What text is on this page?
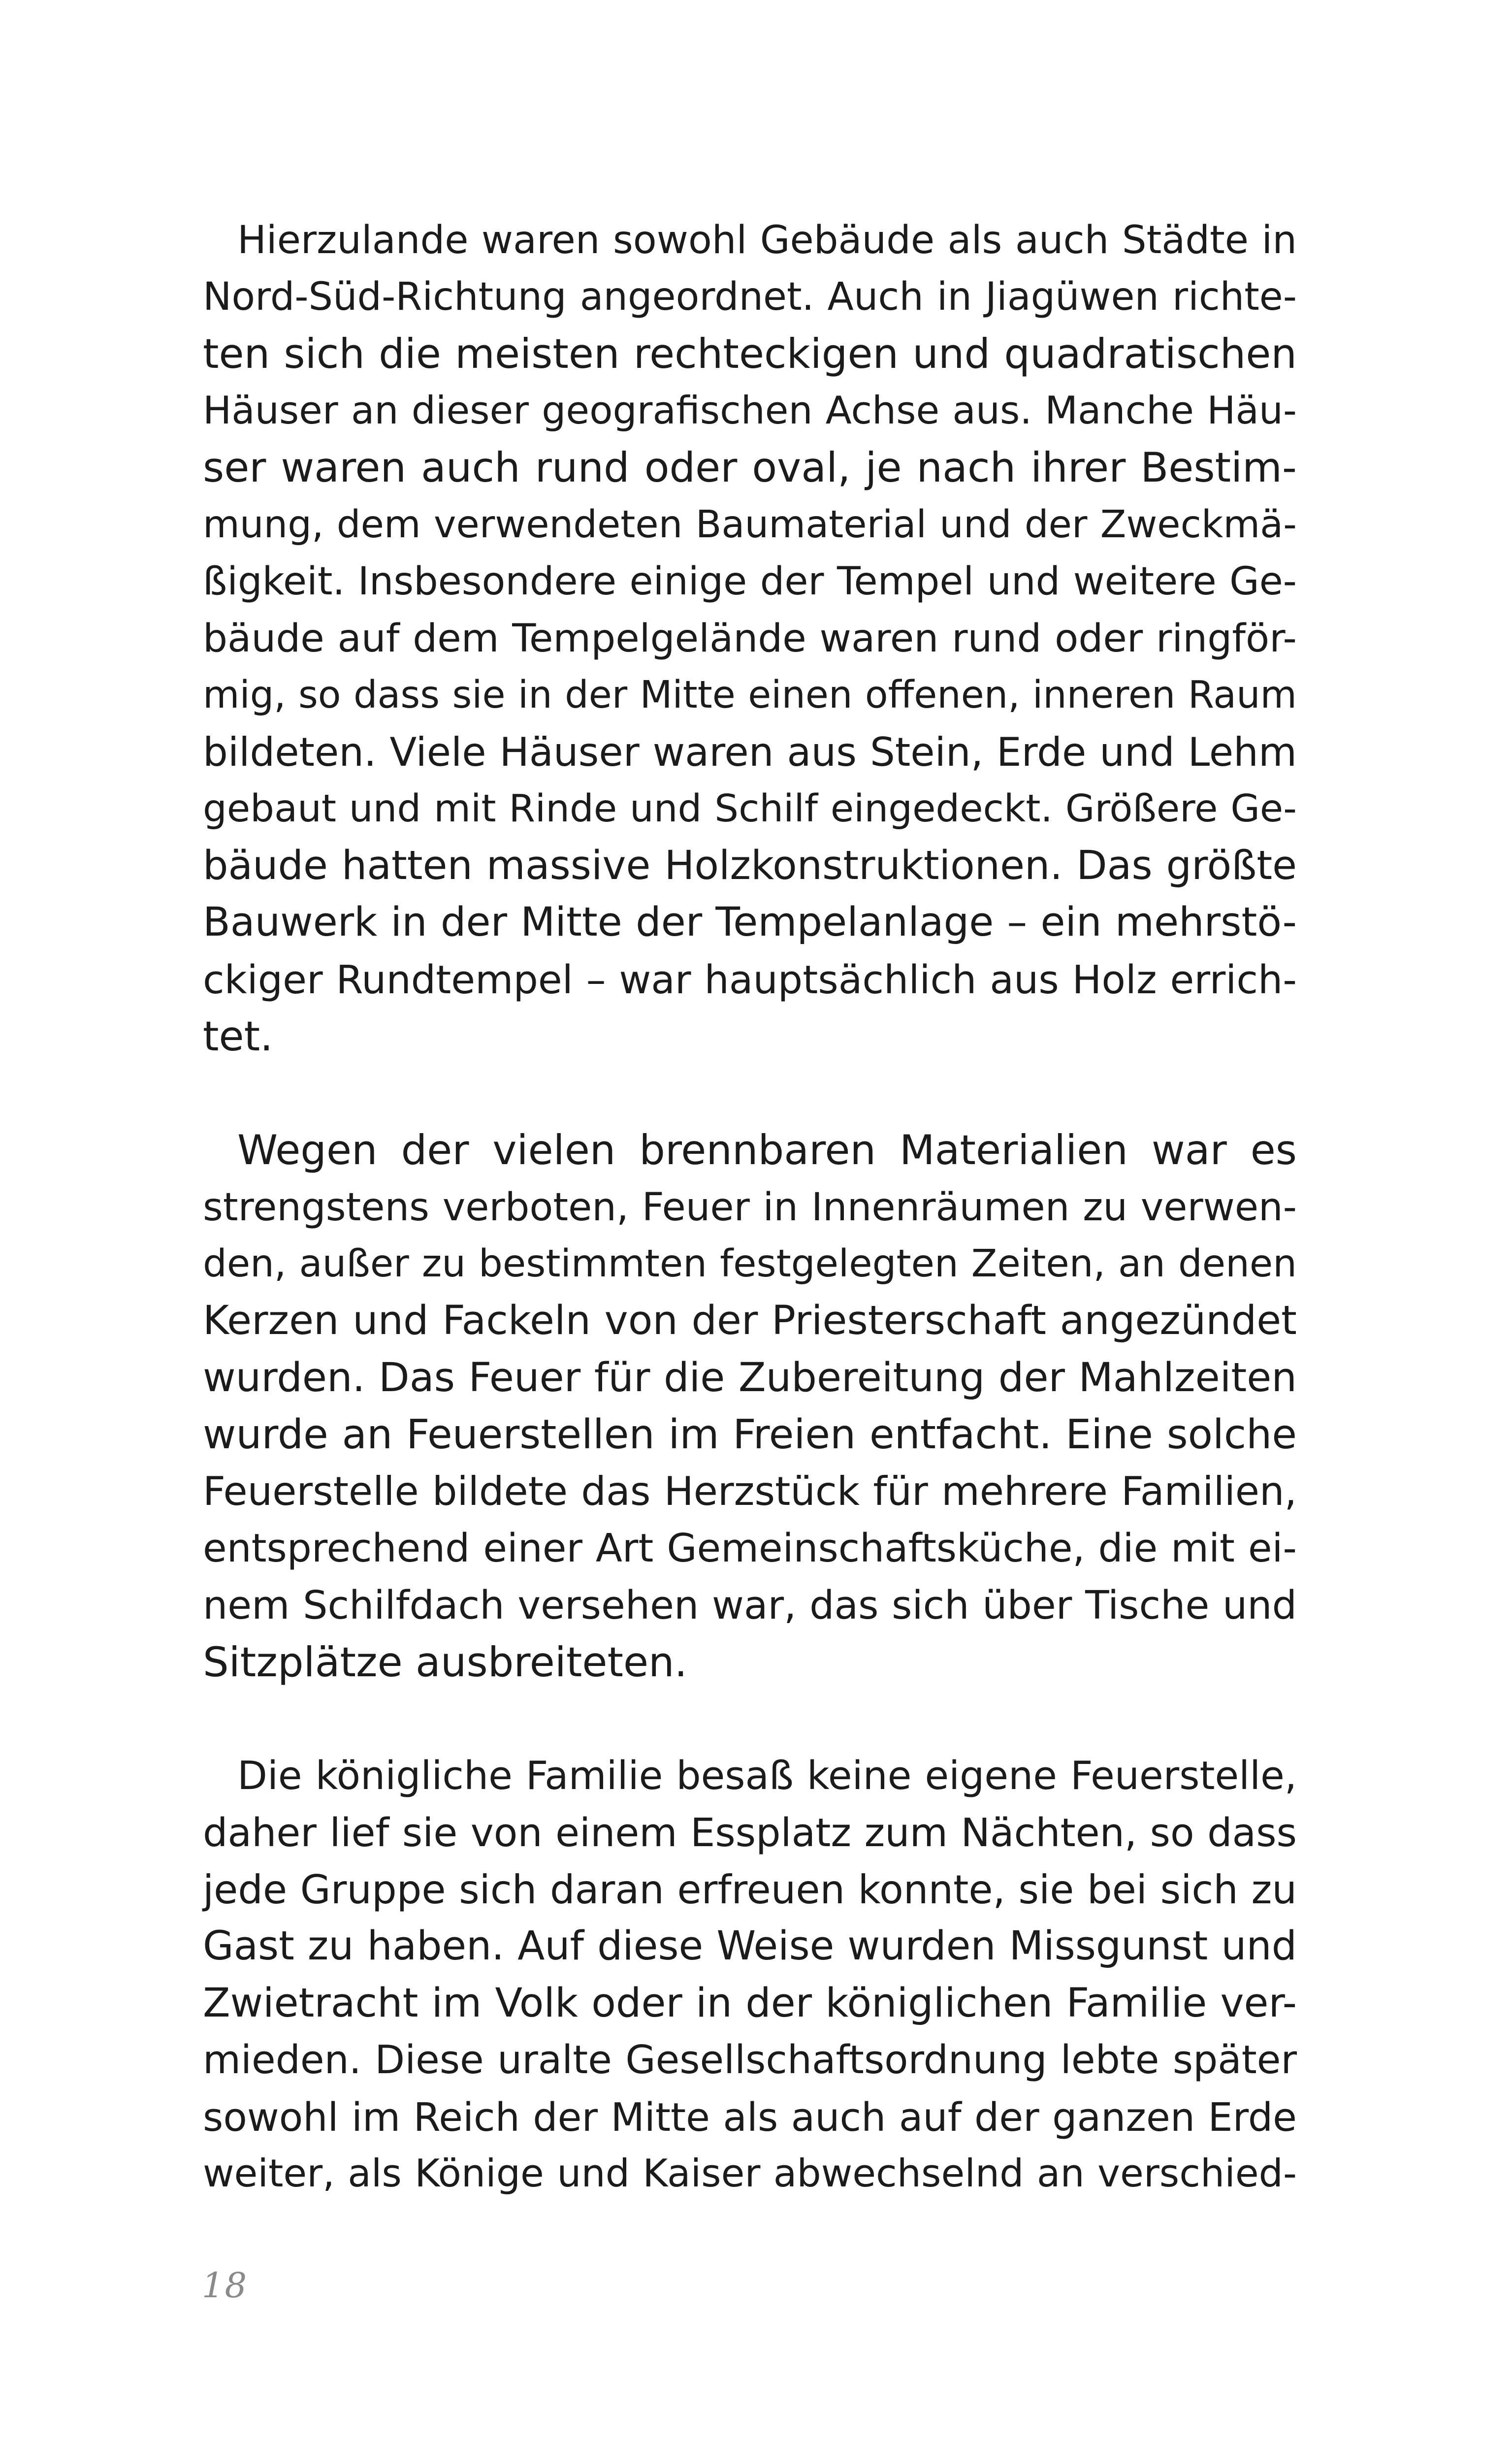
Hierzulande waren sowohl Gebäude als auch Städte in
Nord-Süd-Richtung angeordnet. Auch in Jiagüwen richte-
ten sich die meisten rechteckigen und quadratischen
Häuser an dieser geografischen Achse aus. Manche Häu-
ser waren auch rund oder oval, je nach ihrer Bestim-
mung, dem verwendeten Baumaterial und der Zweckmä-
ßigkeit. Insbesondere einige der Tempel und weitere Ge-
bäude auf dem Tempelgelände waren rund oder ringför-
mig, so dass sie in der Mitte einen offenen, inneren Raum
bildeten. Viele Häuser waren aus Stein, Erde und Lehm
gebaut und mit Rinde und Schilf eingedeckt. Größere Ge-
bäude hatten massive Holzkonstruktionen. Das größte
Bauwerk in der Mitte der Tempelanlage – ein mehrstö-
ckiger Rundtempel – war hauptsächlich aus Holz errich-
tet.
Wegen der vielen brennbaren Materialien war es
strengstens verboten, Feuer in Innenräumen zu verwen-
den, außer zu bestimmten festgelegten Zeiten, an denen
Kerzen und Fackeln von der Priesterschaft angezündet
wurden. Das Feuer für die Zubereitung der Mahlzeiten
wurde an Feuerstellen im Freien entfacht. Eine solche
Feuerstelle bildete das Herzstück für mehrere Familien,
entsprechend einer Art Gemeinschaftsküche, die mit ei-
nem Schilfdach versehen war, das sich über Tische und
Sitzplätze ausbreiteten.
Die königliche Familie besaß keine eigene Feuerstelle,
daher lief sie von einem Essplatz zum Nächten, so dass
jede Gruppe sich daran erfreuen konnte, sie bei sich zu
Gast zu haben. Auf diese Weise wurden Missgunst und
Zwietracht im Volk oder in der königlichen Familie ver-
mieden. Diese uralte Gesellschaftsordnung lebte später
sowohl im Reich der Mitte als auch auf der ganzen Erde
weiter, als Könige und Kaiser abwechselnd an verschied-
18
